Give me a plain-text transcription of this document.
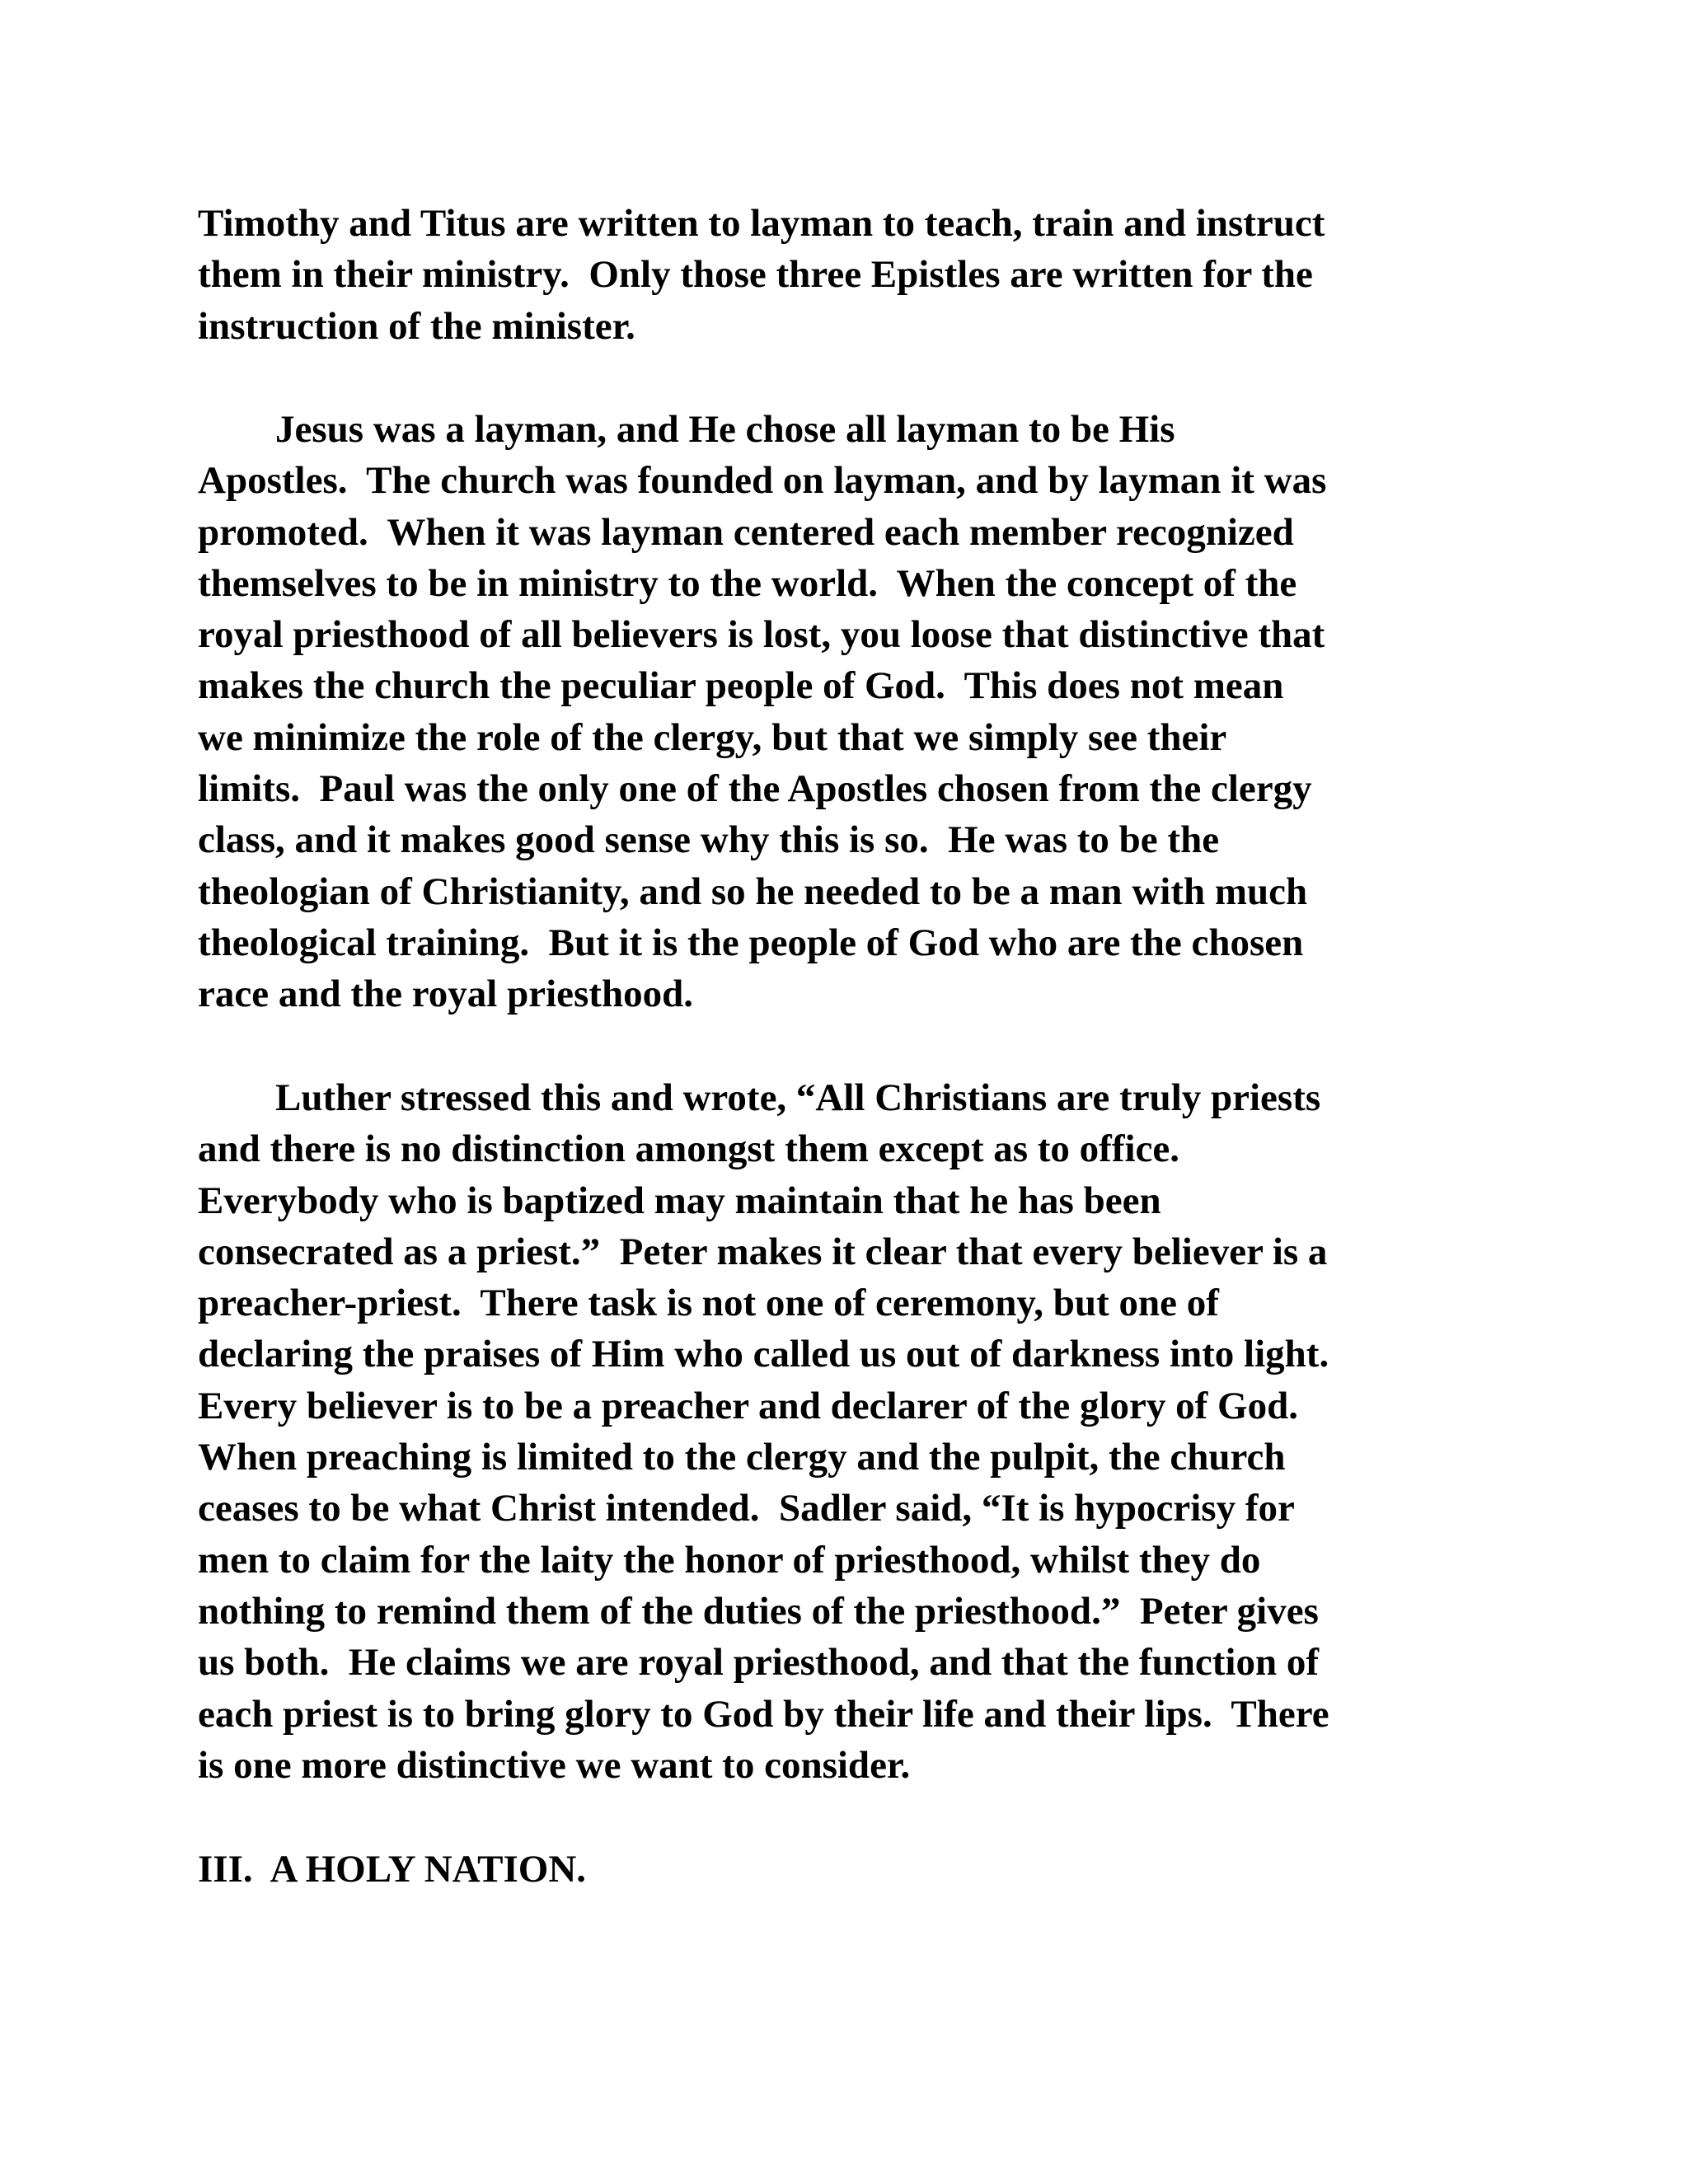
Timothy and Titus are written to layman to teach, train and instruct
them in their ministry.  Only those three Epistles are written for the
instruction of the minister.
Jesus was a layman, and He chose all layman to be His
Apostles.  The church was founded on layman, and by layman it was
promoted.  When it was layman centered each member recognized
themselves to be in ministry to the world.  When the concept of the
royal priesthood of all believers is lost, you loose that distinctive that
makes the church the peculiar people of God.  This does not mean
we minimize the role of the clergy, but that we simply see their
limits.  Paul was the only one of the Apostles chosen from the clergy
class, and it makes good sense why this is so.  He was to be the
theologian of Christianity, and so he needed to be a man with much
theological training.  But it is the people of God who are the chosen
race and the royal priesthood.
Luther stressed this and wrote, “All Christians are truly priests
and there is no distinction amongst them except as to office.
Everybody who is baptized may maintain that he has been
consecrated as a priest.”  Peter makes it clear that every believer is a
preacher-priest.  There task is not one of ceremony, but one of
declaring the praises of Him who called us out of darkness into light.
Every believer is to be a preacher and declarer of the glory of God.
When preaching is limited to the clergy and the pulpit, the church
ceases to be what Christ intended.  Sadler said, “It is hypocrisy for
men to claim for the laity the honor of priesthood, whilst they do
nothing to remind them of the duties of the priesthood.”  Peter gives
us both.  He claims we are royal priesthood, and that the function of
each priest is to bring glory to God by their life and their lips.  There
is one more distinctive we want to consider.
III.  A HOLY NATION.
